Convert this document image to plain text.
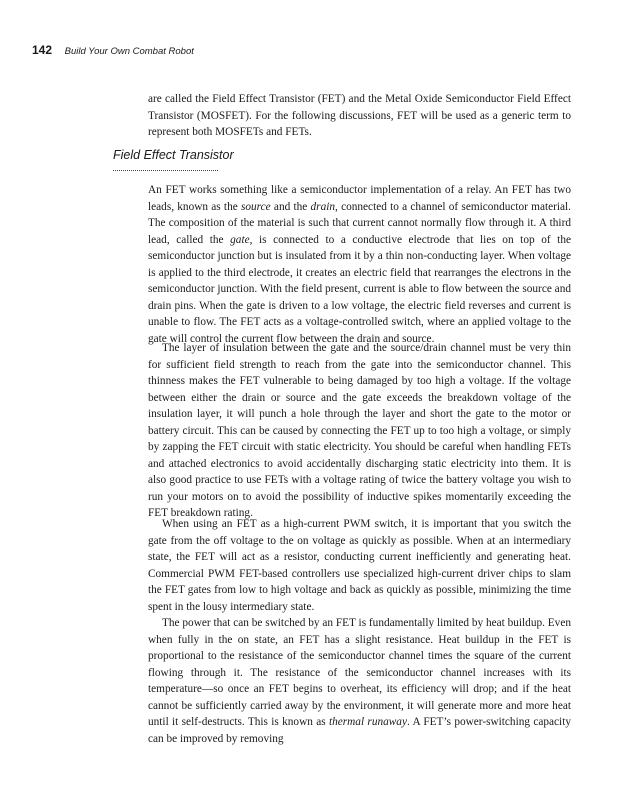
142 Build Your Own Combat Robot

are called the Field Effect Transistor (FET) and the Metal Oxide Semiconductor Field Effect Transistor (MOSFET). For the following discussions, FET will be used as a generic term to represent both MOSFETs and FETs.

Field Effect Transistor

An FET works something like a semiconductor implementation of a relay. An FET has two leads, known as the source and the drain, connected to a channel of semiconductor material. The composition of the material is such that current cannot normally flow through it. A third lead, called the gate, is connected to a conductive electrode that lies on top of the semiconductor junction but is insulated from it by a thin non-conducting layer. When voltage is applied to the third electrode, it creates an electric field that rearranges the electrons in the semiconductor junction. With the field present, current is able to flow between the source and drain pins. When the gate is driven to a low voltage, the electric field reverses and current is unable to flow. The FET acts as a voltage-controlled switch, where an applied voltage to the gate will control the current flow between the drain and source.

The layer of insulation between the gate and the source/drain channel must be very thin for sufficient field strength to reach from the gate into the semiconductor channel. This thinness makes the FET vulnerable to being damaged by too high a voltage. If the voltage between either the drain or source and the gate exceeds the breakdown voltage of the insulation layer, it will punch a hole through the layer and short the gate to the motor or battery circuit. This can be caused by connecting the FET up to too high a voltage, or simply by zapping the FET circuit with static electricity. You should be careful when handling FETs and attached electronics to avoid accidentally discharging static electricity into them. It is also good practice to use FETs with a voltage rating of twice the battery voltage you wish to run your motors on to avoid the possibility of inductive spikes momentarily exceeding the FET breakdown rating.

When using an FET as a high-current PWM switch, it is important that you switch the gate from the off voltage to the on voltage as quickly as possible. When at an intermediary state, the FET will act as a resistor, conducting current inefficiently and generating heat. Commercial PWM FET-based controllers use specialized high-current driver chips to slam the FET gates from low to high voltage and back as quickly as possible, minimizing the time spent in the lousy intermediary state.

The power that can be switched by an FET is fundamentally limited by heat buildup. Even when fully in the on state, an FET has a slight resistance. Heat buildup in the FET is proportional to the resistance of the semiconductor channel times the square of the current flowing through it. The resistance of the semiconductor channel increases with its temperature—so once an FET begins to overheat, its efficiency will drop; and if the heat cannot be sufficiently carried away by the environment, it will generate more and more heat until it self-destructs. This is known as thermal runaway. A FET’s power-switching capacity can be improved by removing
